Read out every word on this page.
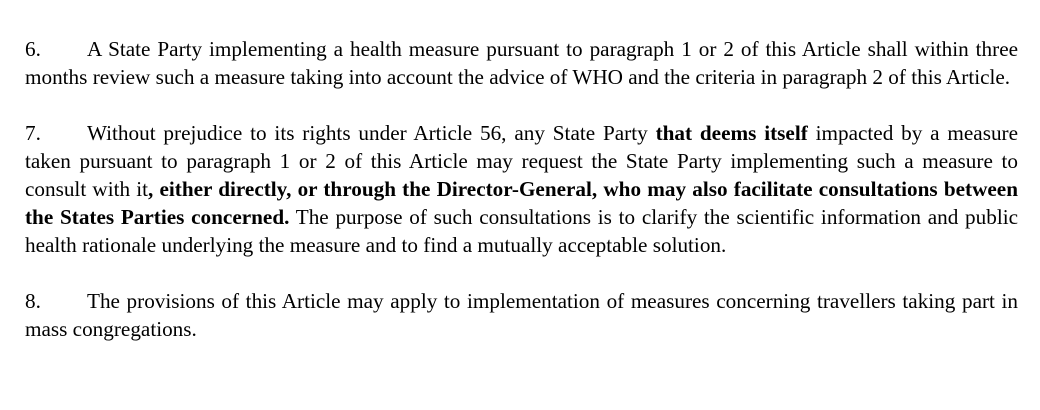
6. A State Party implementing a health measure pursuant to paragraph 1 or 2 of this Article shall within three months review such a measure taking into account the advice of WHO and the criteria in paragraph 2 of this Article.

7. Without prejudice to its rights under Article 56, any State Party that deems itself impacted by a measure taken pursuant to paragraph 1 or 2 of this Article may request the State Party implementing such a measure to consult with it, either directly, or through the Director-General, who may also facilitate consultations between the States Parties concerned. The purpose of such consultations is to clarify the scientific information and public health rationale underlying the measure and to find a mutually acceptable solution.

8. The provisions of this Article may apply to implementation of measures concerning travellers taking part in mass congregations.
